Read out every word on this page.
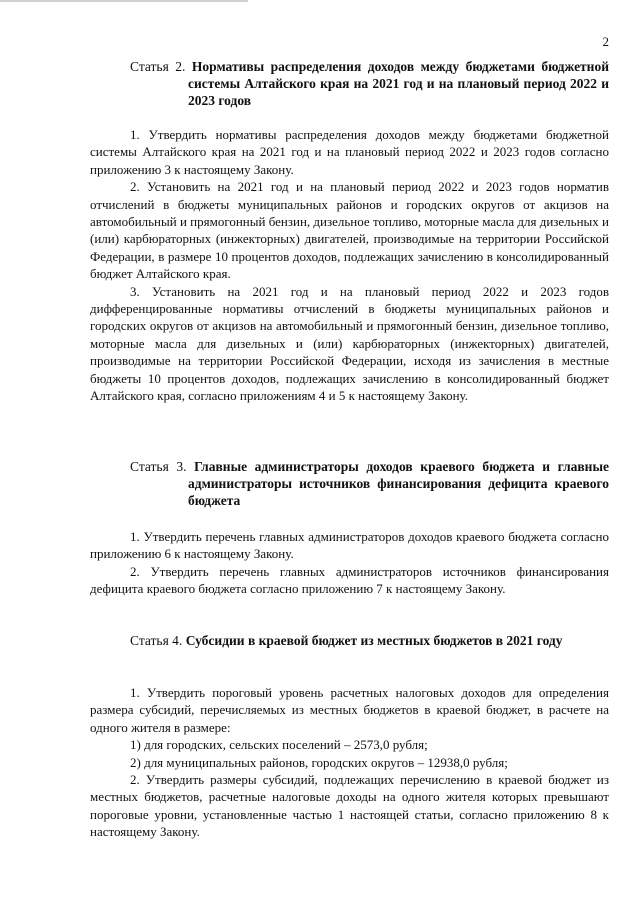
2
Статья 2. Нормативы распределения доходов между бюджетами бюджетной системы Алтайского края на 2021 год и на плановый период 2022 и 2023 годов

1. Утвердить нормативы распределения доходов между бюджетами бюджетной системы Алтайского края на 2021 год и на плановый период 2022 и 2023 годов согласно приложению 3 к настоящему Закону.

2. Установить на 2021 год и на плановый период 2022 и 2023 годов норматив отчислений в бюджеты муниципальных районов и городских округов от акцизов на автомобильный и прямогонный бензин, дизельное топливо, моторные масла для дизельных и (или) карбюраторных (инжекторных) двигателей, производимые на территории Российской Федерации, в размере 10 процентов доходов, подлежащих зачислению в консолидированный бюджет Алтайского края.

3. Установить на 2021 год и на плановый период 2022 и 2023 годов дифференцированные нормативы отчислений в бюджеты муниципальных районов и городских округов от акцизов на автомобильный и прямогонный бензин, дизельное топливо, моторные масла для дизельных и (или) карбюраторных (инжекторных) двигателей, производимые на территории Российской Федерации, исходя из зачисления в местные бюджеты 10 процентов доходов, подлежащих зачислению в консолидированный бюджет Алтайского края, согласно приложениям 4 и 5 к настоящему Закону.

Статья 3. Главные администраторы доходов краевого бюджета и главные администраторы источников финансирования дефицита краевого бюджета

1. Утвердить перечень главных администраторов доходов краевого бюджета согласно приложению 6 к настоящему Закону.

2. Утвердить перечень главных администраторов источников финансирования дефицита краевого бюджета согласно приложению 7 к настоящему Закону.

Статья 4. Субсидии в краевой бюджет из местных бюджетов в 2021 году

1. Утвердить пороговый уровень расчетных налоговых доходов для определения размера субсидий, перечисляемых из местных бюджетов в краевой бюджет, в расчете на одного жителя в размере:

1) для городских, сельских поселений – 2573,0 рубля;

2) для муниципальных районов, городских округов – 12938,0 рубля;

2. Утвердить размеры субсидий, подлежащих перечислению в краевой бюджет из местных бюджетов, расчетные налоговые доходы на одного жителя которых превышают пороговые уровни, установленные частью 1 настоящей статьи, согласно приложению 8 к настоящему Закону.
